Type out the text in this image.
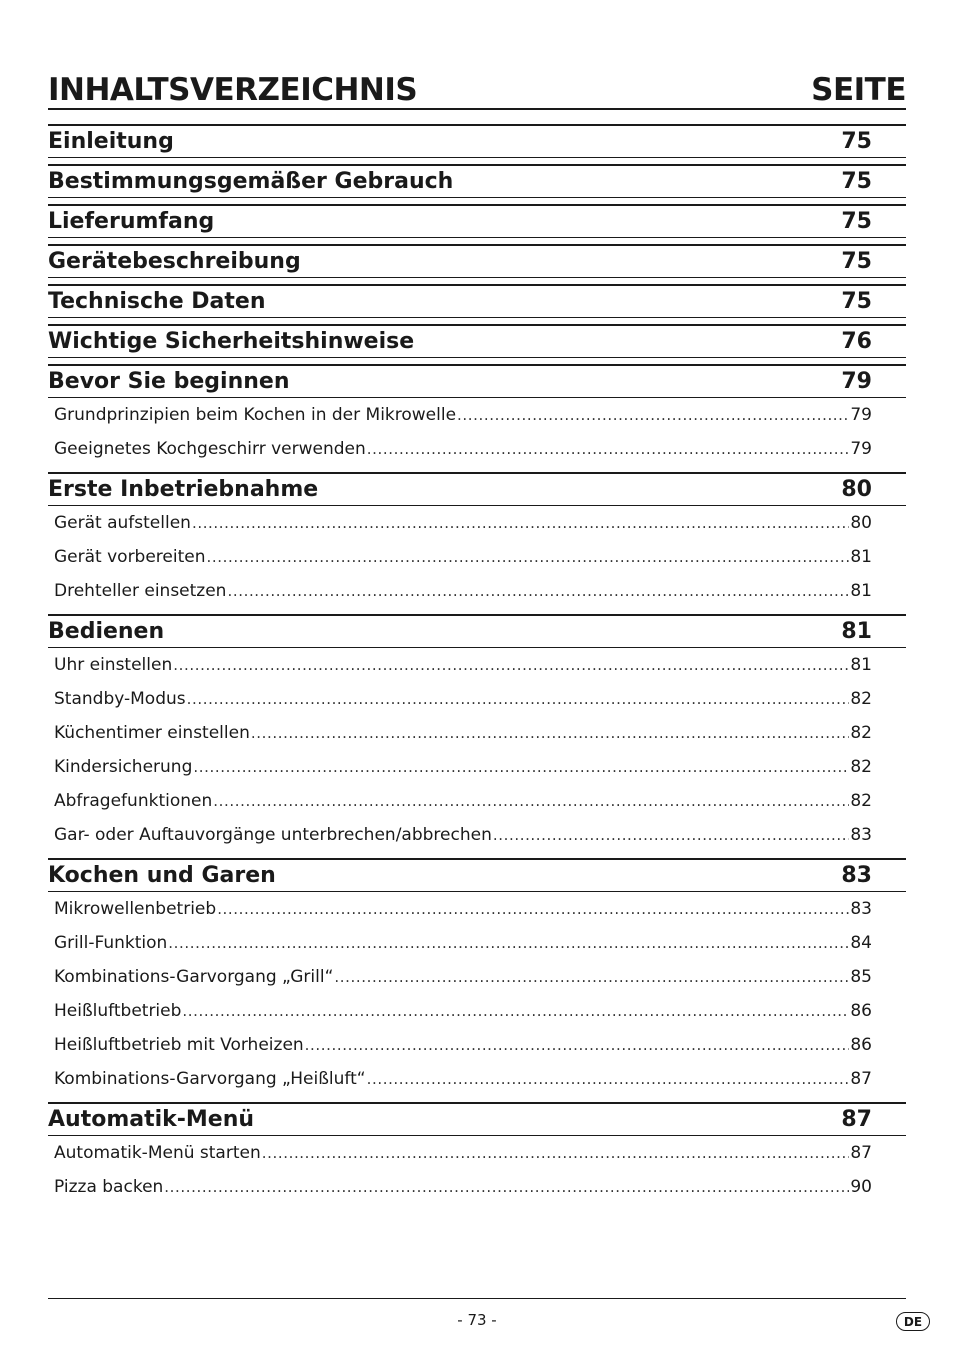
INHALTSVERZEICHNIS	SEITE
Einleitung	75
Bestimmungsgemäßer Gebrauch	75
Lieferumfang	75
Gerätebeschreibung	75
Technische Daten	75
Wichtige Sicherheitshinweise	76
Bevor Sie beginnen	79
Grundprinzipien beim Kochen in der Mikrowelle .....	79
Geeignetes Kochgeschirr verwenden .....	79
Erste Inbetriebnahme	80
Gerät aufstellen .....	80
Gerät vorbereiten .....	81
Drehteller einsetzen .....	81
Bedienen	81
Uhr einstellen .....	81
Standby-Modus .....	82
Küchentimer einstellen .....	82
Kindersicherung .....	82
Abfragefunktionen .....	82
Gar- oder Auftauvorgänge unterbrechen/abbrechen .....	83
Kochen und Garen	83
Mikrowellenbetrieb .....	83
Grill-Funktion .....	84
Kombinations-Garvorgang „Grill“ .....	85
Heißluftbetrieb .....	86
Heißluftbetrieb mit Vorheizen .....	86
Kombinations-Garvorgang „Heißluft“ .....	87
Automatik-Menü	87
Automatik-Menü starten .....	87
Pizza backen .....	90
- 73 -	DE
